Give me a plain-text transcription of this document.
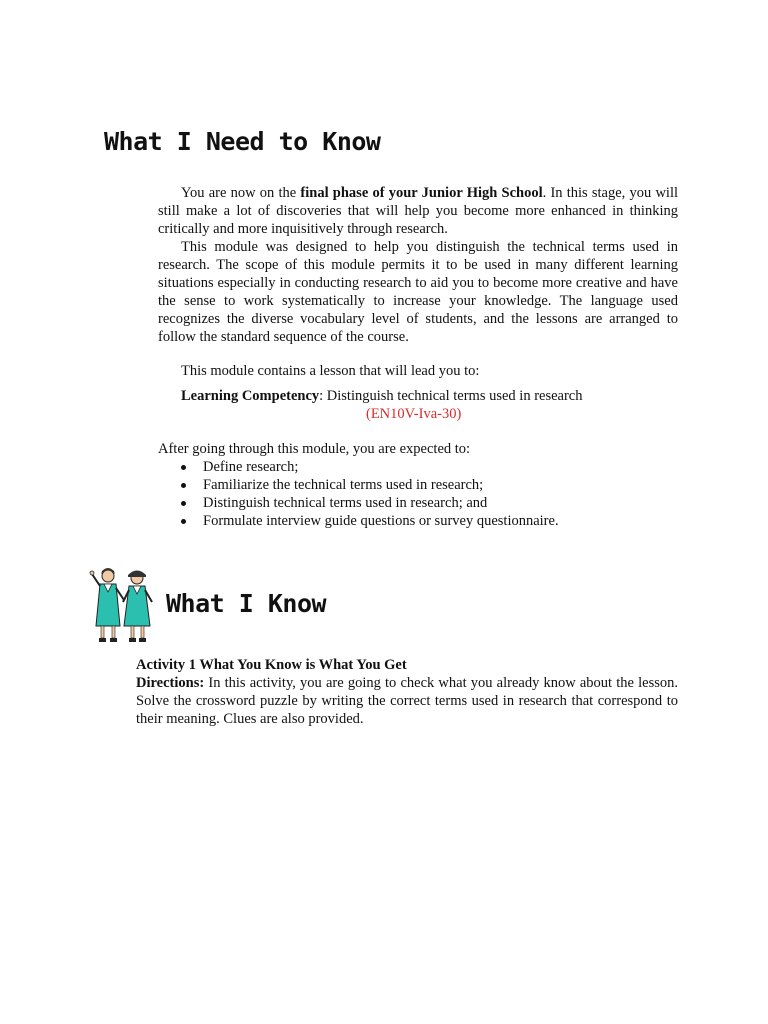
What I Need to Know

You are now on the final phase of your Junior High School. In this stage, you will still make a lot of discoveries that will help you become more enhanced in thinking critically and more inquisitively through research.

This module was designed to help you distinguish the technical terms used in research. The scope of this module permits it to be used in many different learning situations especially in conducting research to aid you to become more creative and have the sense to work systematically to increase your knowledge. The language used recognizes the diverse vocabulary level of students, and the lessons are arranged to follow the standard sequence of the course.

This module contains a lesson that will lead you to:

Learning Competency: Distinguish technical terms used in research

(EN10V-Iva-30)

After going through this module, you are expected to:

Define research;
Familiarize the technical terms used in research;
Distinguish technical terms used in research; and
Formulate interview guide questions or survey questionnaire.
What I Know

Activity 1 What You Know is What You Get

Directions: In this activity, you are going to check what you already know about the lesson. Solve the crossword puzzle by writing the correct terms used in research that correspond to their meaning. Clues are also provided.
